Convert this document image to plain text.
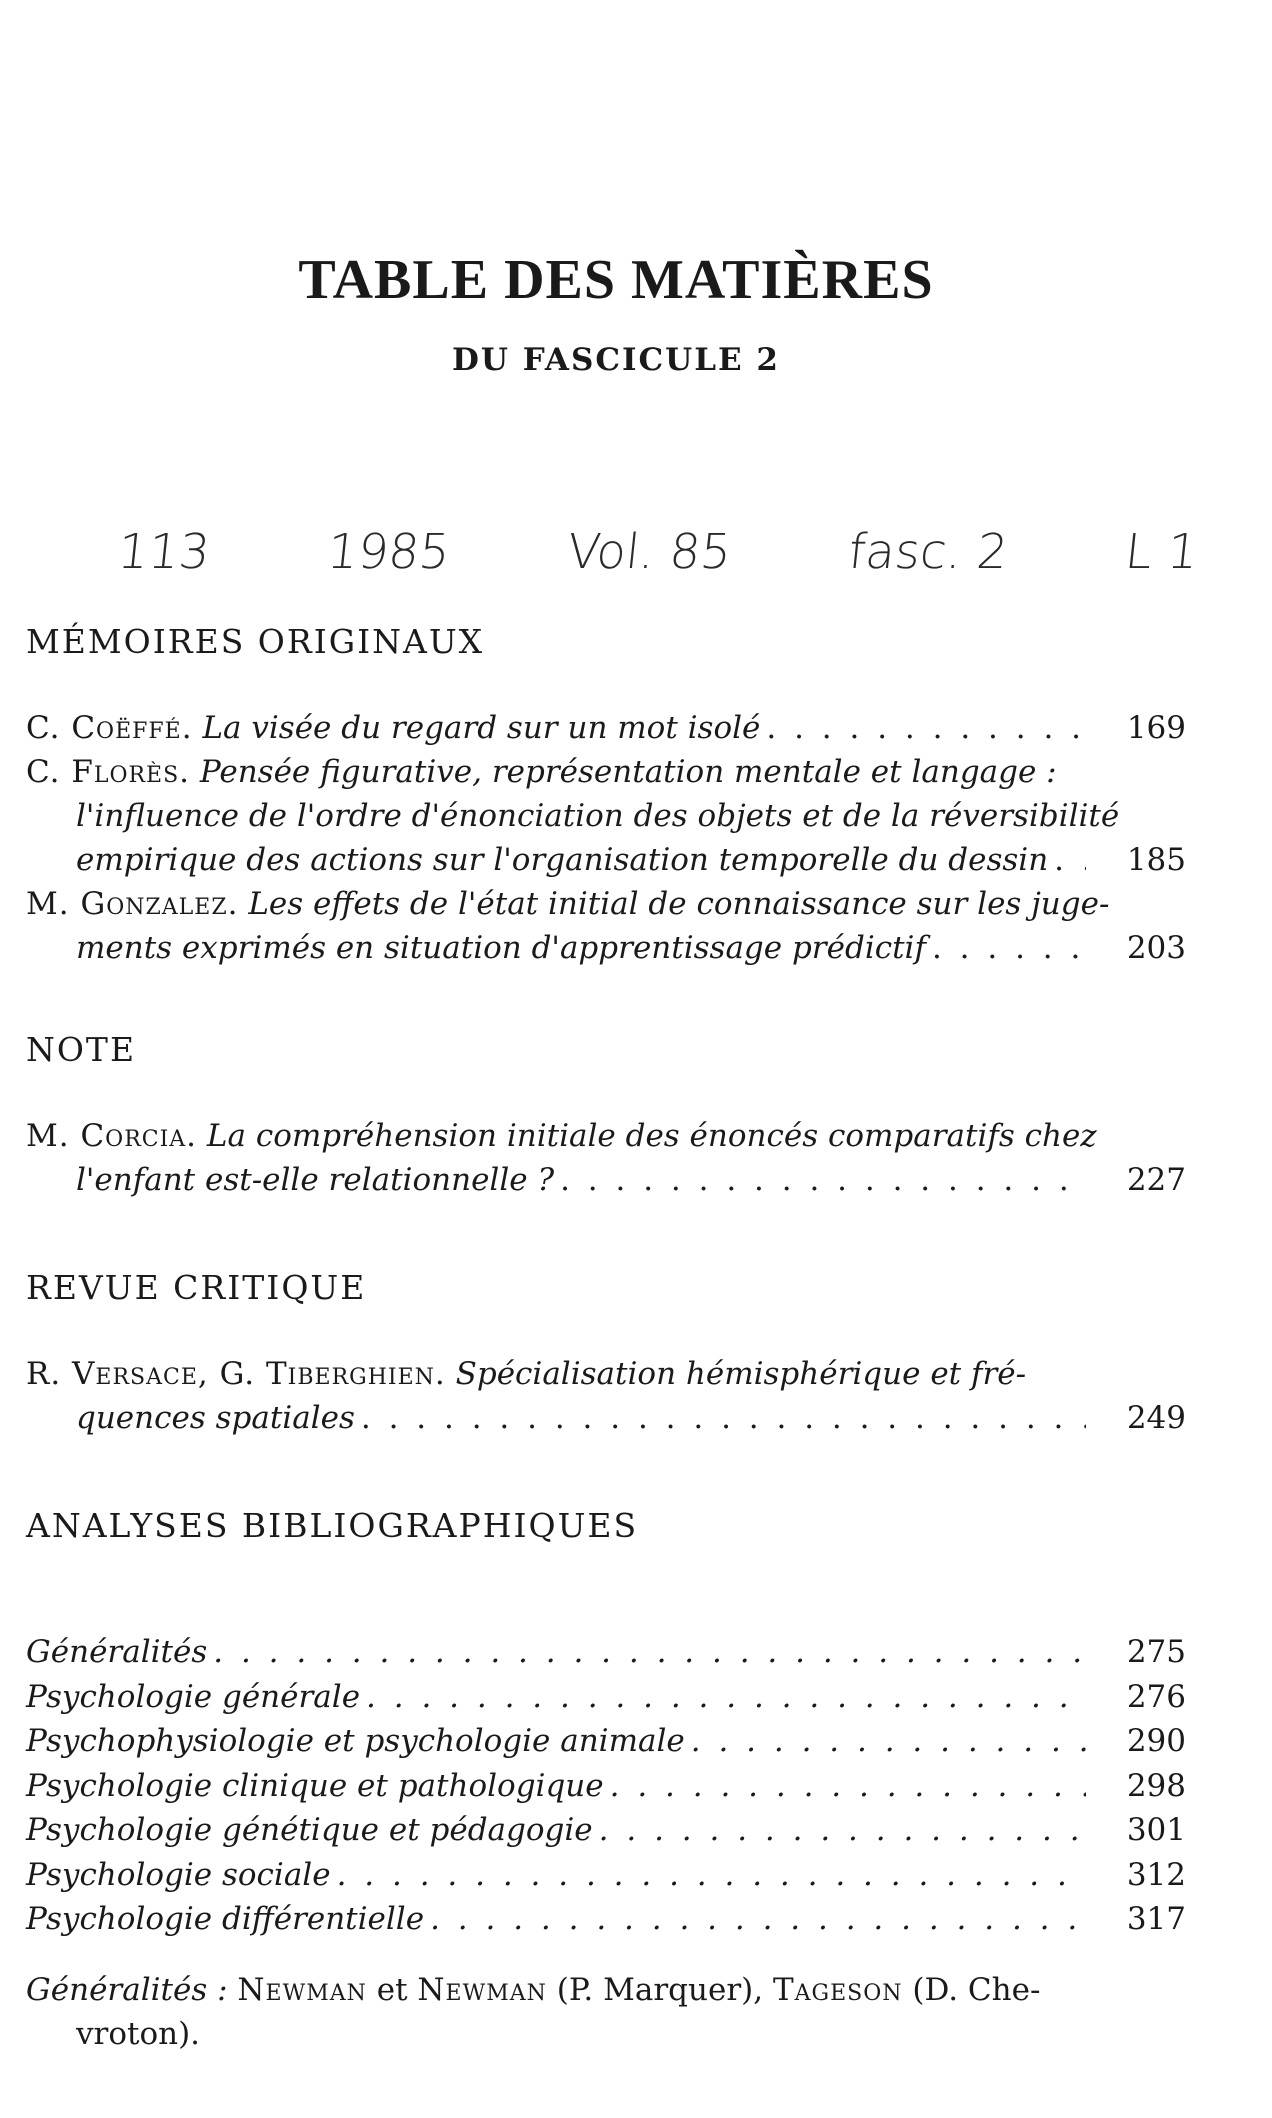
TABLE DES MATIÈRES
DU FASCICULE 2
113 1985 Vol. 85 fasc. 2 L 1
MÉMOIRES ORIGINAUX
C. Coëffé. La visée du regard sur un mot isolé . . .	169
C. Florès. Pensée figurative, représentation mentale et langage :
l'influence de l'ordre d'énonciation des objets et de la réversibilité
empirique des actions sur l'organisation temporelle du dessin . . .	185
M. Gonzalez. Les effets de l'état initial de connaissance sur les juge-
ments exprimés en situation d'apprentissage prédictif . . .	203
NOTE
M. Corcia. La compréhension initiale des énoncés comparatifs chez
l'enfant est-elle relationnelle ? . . .	227
REVUE CRITIQUE
R. Versace, G. Tiberghien. Spécialisation hémisphérique et fré-
quences spatiales . . .	249
ANALYSES BIBLIOGRAPHIQUES
Généralités . . .	275
Psychologie générale . . .	276
Psychophysiologie et psychologie animale . . .	290
Psychologie clinique et pathologique . . .	298
Psychologie génétique et pédagogie . . .	301
Psychologie sociale . . .	312
Psychologie différentielle . . .	317
Généralités : Newman et Newman (P. Marquer), Tageson (D. Che-
vroton).
